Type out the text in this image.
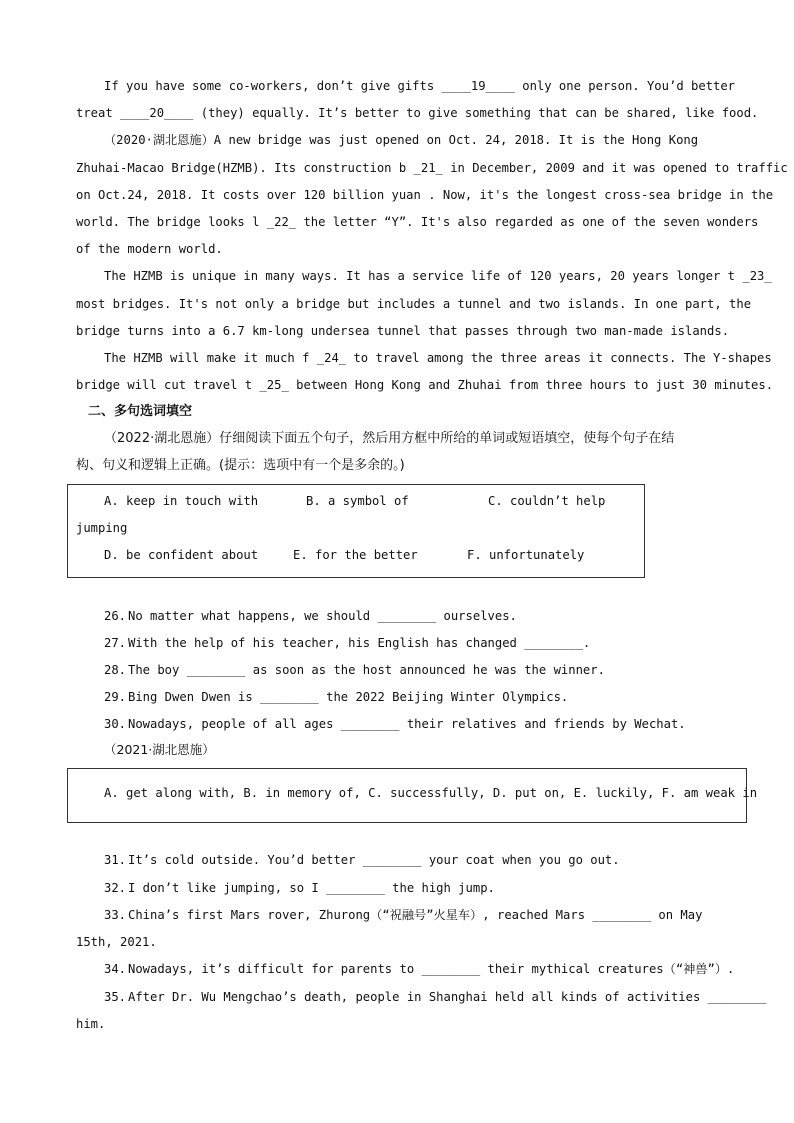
If you have some co-workers, don’t give gifts ____19____ only one person. You’d better
treat ____20____ (they) equally. It’s better to give something that can be shared, like food.
（2020·湖北恩施）A new bridge was just opened on Oct. 24, 2018. It is the Hong Kong
Zhuhai-Macao Bridge(HZMB). Its construction b _21_ in December, 2009 and it was opened to traffic
on Oct.24, 2018. It costs over 120 billion yuan . Now, it's the longest cross-sea bridge in the
world. The bridge looks l _22_ the letter “Y”. It's also regarded as one of the seven wonders
of the modern world.
The HZMB is unique in many ways. It has a service life of 120 years, 20 years longer t _23_
most bridges. It's not only a bridge but includes a tunnel and two islands. In one part, the
bridge turns into a 6.7 km-long undersea tunnel that passes through two man-made islands.
The HZMB will make it much f _24_ to travel among the three areas it connects. The Y-shapes
bridge will cut travel t _25_ between Hong Kong and Zhuhai from three hours to just 30 minutes.
二、多句选词填空
（2022·湖北恩施）仔细阅读下面五个句子，然后用方框中所给的单词或短语填空，使每个句子在结
构、句义和逻辑上正确。(提示：选项中有一个是多余的。)
A. keep in touch with	B. a symbol of	C. couldn’t help
jumping
D. be confident about	E. for the better	F. unfortunately
26. No matter what happens, we should ________ ourselves.
27. With the help of his teacher, his English has changed ________.
28. The boy ________ as soon as the host announced he was the winner.
29. Bing Dwen Dwen is ________ the 2022 Beijing Winter Olympics.
30. Nowadays, people of all ages ________ their relatives and friends by Wechat.
（2021·湖北恩施）
A. get along with, B. in memory of, C. successfully, D. put on, E. luckily, F. am weak in
31. It’s cold outside. You’d better ________ your coat when you go out.
32. I don’t like jumping, so I ________ the high jump.
33. China’s first Mars rover, Zhurong（“祝融号”火星车）, reached Mars ________ on May
15th, 2021.
34. Nowadays, it’s difficult for parents to ________ their mythical creatures（“神兽”）.
35. After Dr. Wu Mengchao’s death, people in Shanghai held all kinds of activities ________
him.
